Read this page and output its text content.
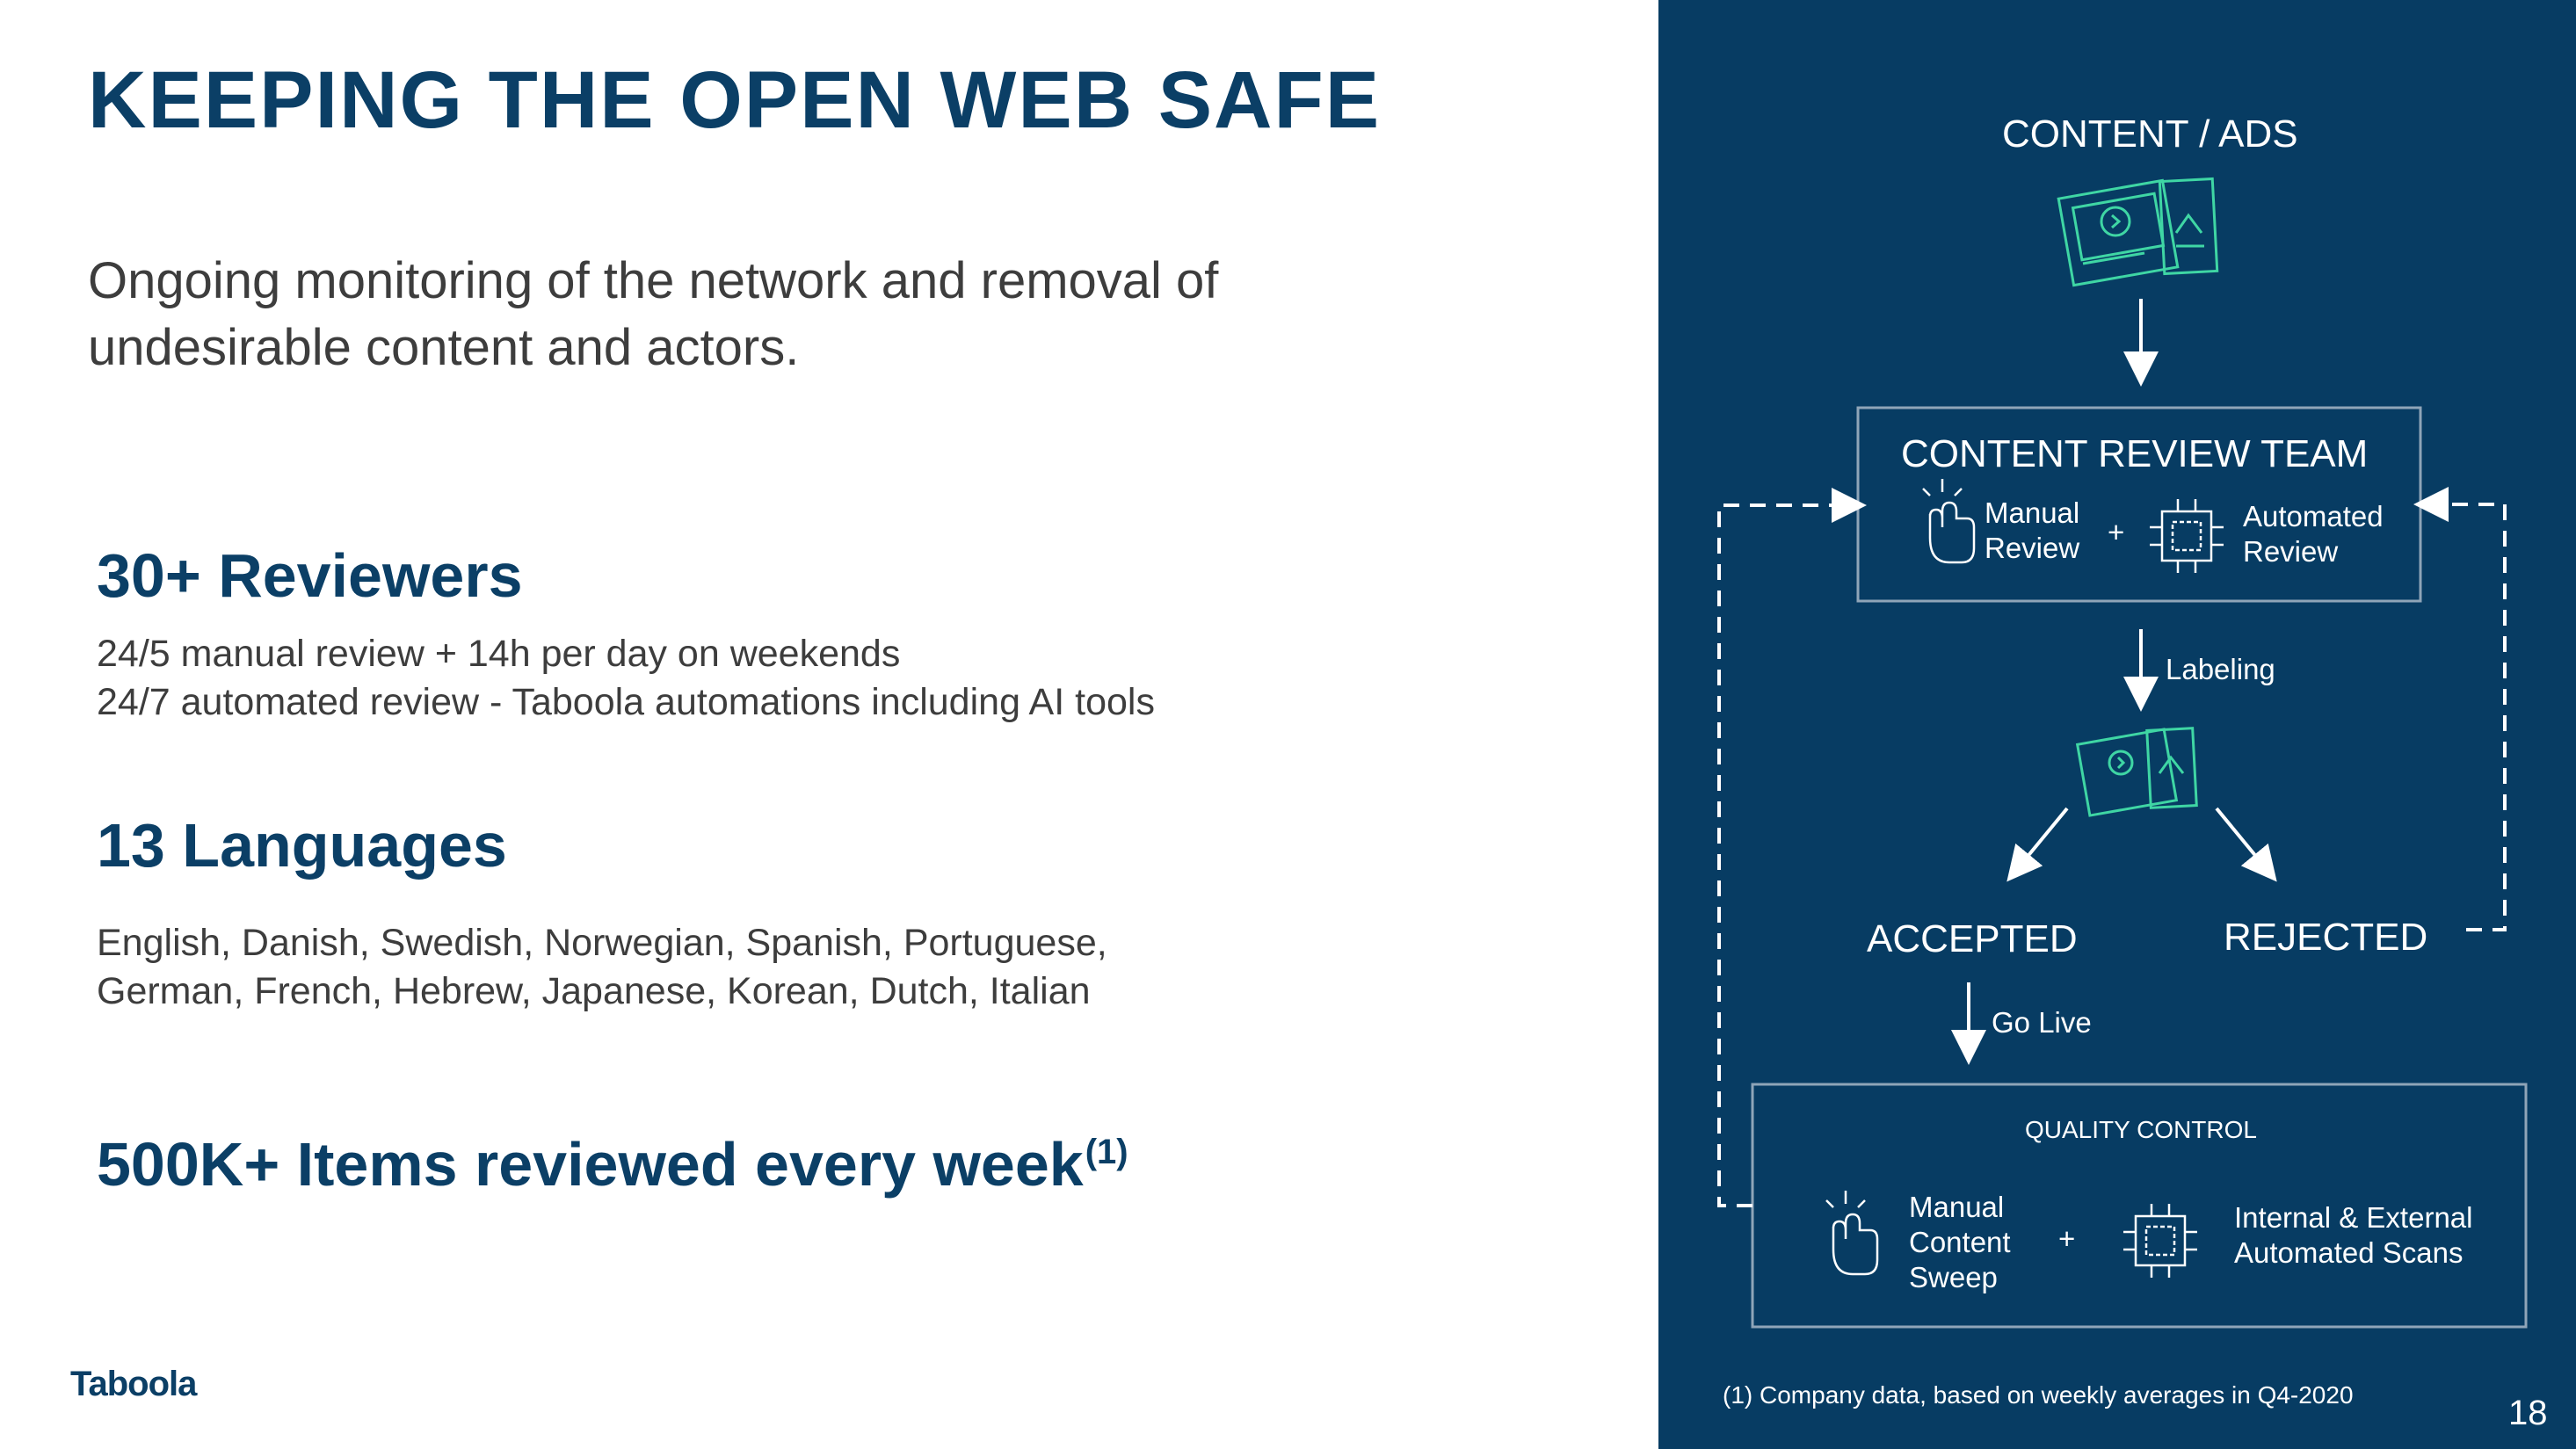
KEEPING THE OPEN WEB SAFE
Ongoing monitoring of the network and removal of
undesirable content and actors.
30+ Reviewers
24/5 manual review + 14h per day on weekends
24/7 automated review - Taboola automations including AI tools
13 Languages
English, Danish, Swedish, Norwegian, Spanish, Portuguese,
German, French, Hebrew, Japanese, Korean, Dutch, Italian
500K+ Items reviewed every week$^{(1)}$
Taboola
CONTENT / ADS
CONTENT REVIEW TEAM
Manual
Review +	Automated
Review
Labeling
ACCEPTED	REJECTED
Go Live
QUALITY CONTROL
Manual
Content
Sweep
+
Internal & External
Automated Scans
(1) Company data, based on weekly averages in Q4-2020	18
